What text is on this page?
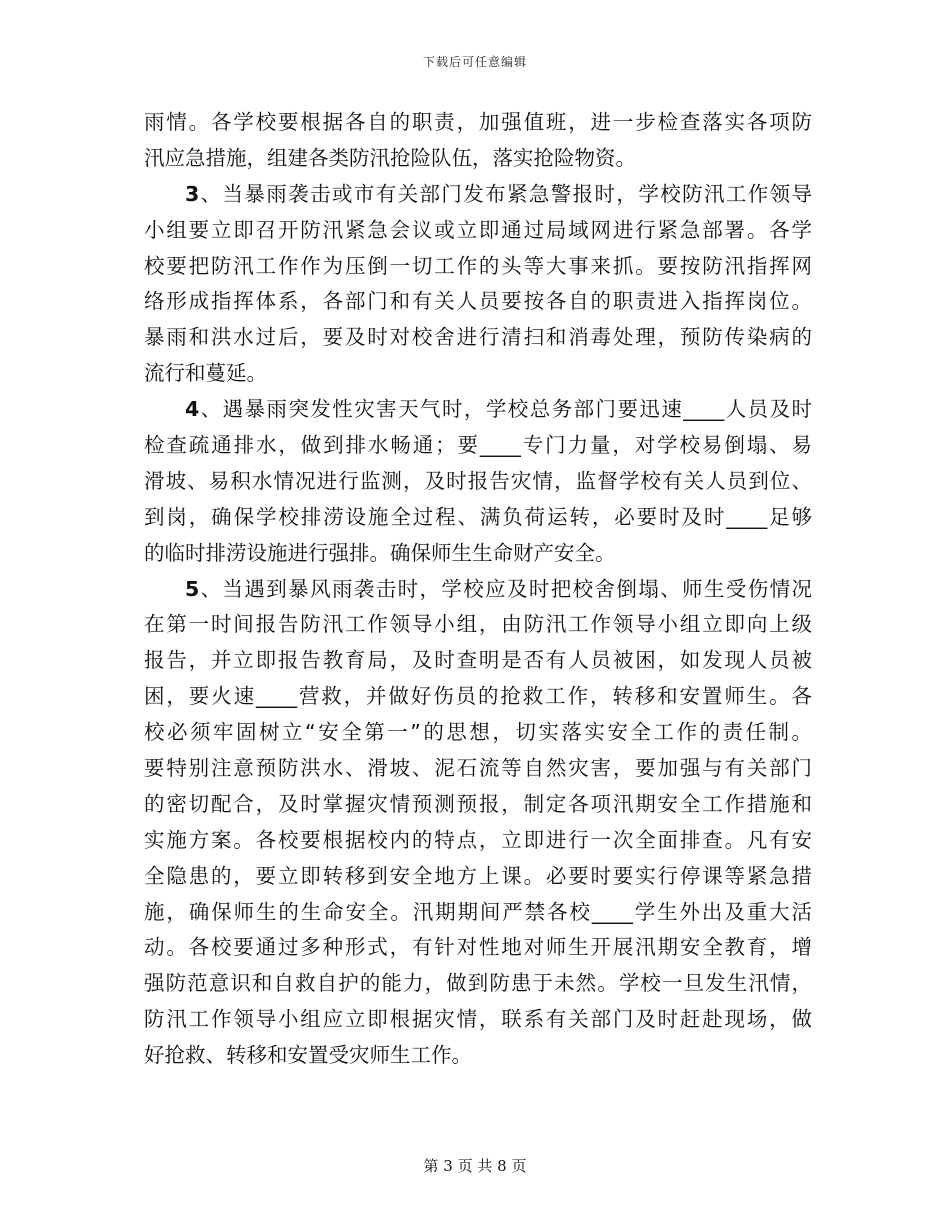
下载后可任意编辑
雨情。各学校要根据各自的职责，加强值班，进一步检查落实各项防
汛应急措施，组建各类防汛抢险队伍，落实抢险物资。
3、当暴雨袭击或市有关部门发布紧急警报时，学校防汛工作领导
小组要立即召开防汛紧急会议或立即通过局域网进行紧急部署。各学
校要把防汛工作作为压倒一切工作的头等大事来抓。要按防汛指挥网
络形成指挥体系，各部门和有关人员要按各自的职责进入指挥岗位。
暴雨和洪水过后，要及时对校舍进行清扫和消毒处理，预防传染病的
流行和蔓延。
4、遇暴雨突发性灾害天气时，学校总务部门要迅速____人员及时
检查疏通排水，做到排水畅通；要____专门力量，对学校易倒塌、易
滑坡、易积水情况进行监测，及时报告灾情，监督学校有关人员到位、
到岗，确保学校排涝设施全过程、满负荷运转，必要时及时____足够
的临时排涝设施进行强排。确保师生生命财产安全。
5、当遇到暴风雨袭击时，学校应及时把校舍倒塌、师生受伤情况
在第一时间报告防汛工作领导小组，由防汛工作领导小组立即向上级
报告，并立即报告教育局，及时查明是否有人员被困，如发现人员被
困，要火速____营救，并做好伤员的抢救工作，转移和安置师生。各
校必须牢固树立“安全第一”的思想，切实落实安全工作的责任制。
要特别注意预防洪水、滑坡、泥石流等自然灾害，要加强与有关部门
的密切配合，及时掌握灾情预测预报，制定各项汛期安全工作措施和
实施方案。各校要根据校内的特点，立即进行一次全面排查。凡有安
全隐患的，要立即转移到安全地方上课。必要时要实行停课等紧急措
施，确保师生的生命安全。汛期期间严禁各校____学生外出及重大活
动。各校要通过多种形式，有针对性地对师生开展汛期安全教育，增
强防范意识和自救自护的能力，做到防患于未然。学校一旦发生汛情，
防汛工作领导小组应立即根据灾情，联系有关部门及时赶赴现场，做
好抢救、转移和安置受灾师生工作。
第 3 页 共 8 页
